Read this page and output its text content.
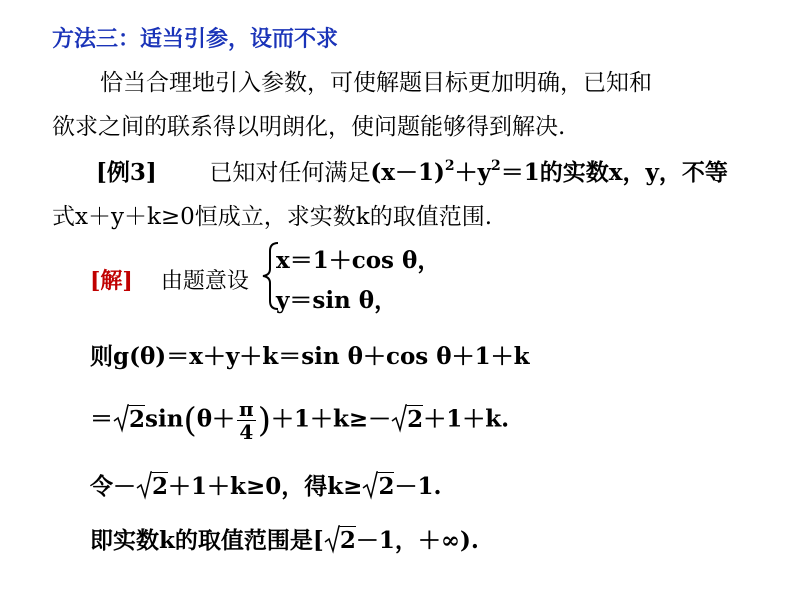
方法三：适当引参，设而不求
恰当合理地引入参数，可使解题目标更加明确，已知和
欲求之间的联系得以明朗化，使问题能够得到解决.
[例3] 已知对任何满足$(x-1)^2+y^2=1$的实数x，y，不等
式x＋y＋k≥0恒成立，求实数k的取值范围.
[解] 由题意设
x＝1＋cos θ，
y＝sin θ，
则g(θ)＝x＋y＋k＝sin θ＋cos θ＋1＋k
＝ $2\sin(\theta+ \frac{\pi}{4} )+1+k\ge- 2+1+k$.
令－ 2＋1＋k≥0，得k≥ 2－1.
即实数k的取值范围是[ 2－1，＋∞).
